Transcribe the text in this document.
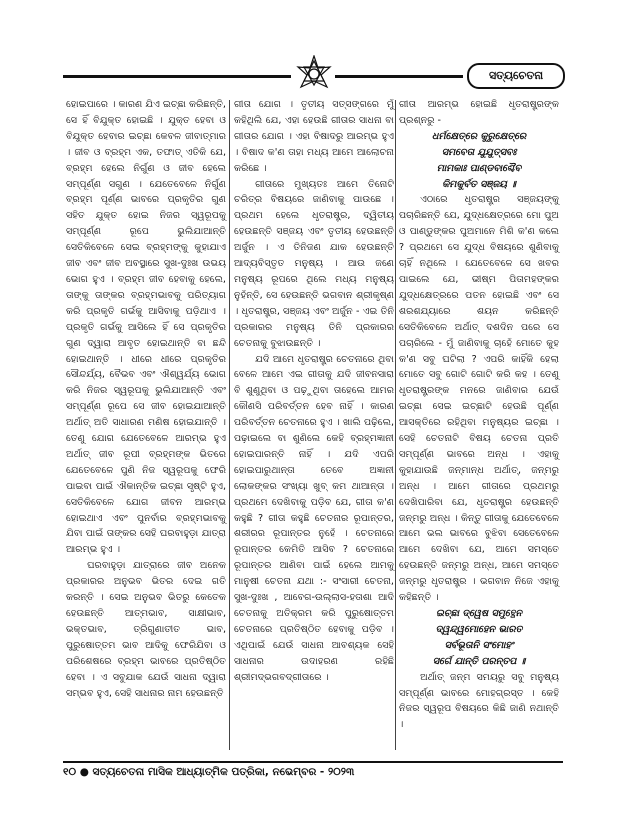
ସତ୍ୟଚେତନା

ହୋଇପାରେ । କାରଣ ଯିଏ ଇଚ୍ଛା କରିଛନ୍ତି, ସେ ହିଁ ବିଯୁକ୍ତ ହୋଇଛି । ଯୁକ୍ତ ହେବା ଓ ବିଯୁକ୍ତ ହେବାର ଇଚ୍ଛା କେବଳ ଜୀବାତ୍ମାର । ଜୀବ ଓ ବ୍ରହ୍ମ ଏକ, ତଫାତ୍ ଏତିକି ଯେ, ବ୍ରହ୍ମ ହେଲେ ନିର୍ଗୁଣ ଓ ଜୀବ ହେଲେ ସମ୍ପୂର୍ଣ୍ଣ ସଗୁଣ । ଯେତେବେଳେ ନିର୍ଗୁଣ ବ୍ରହ୍ମ ପୂର୍ଣ୍ଣ ଭାବରେ ପ୍ରକୃତିର ଗୁଣ ସହିତ ଯୁକ୍ତ ହୋଇ ନିଜର ସ୍ୱରୂପକୁ ସମ୍ପୂର୍ଣ୍ଣ ରୂପେ ଭୁଲିଯାଆନ୍ତି ସେତିକିବେଳେ ସେଇ ବ୍ରହ୍ମଙ୍କୁ କୁହାଯାଏ ଜୀବ ଏବଂ ଜୀବ ଅବସ୍ଥାରେ ସୁଖ-ଦୁଃଖ ଉଭୟ ଭୋଗ ହୁଏ । ବ୍ରହ୍ମ ଜୀବ ହେବାକୁ ହେଲେ, ତାଙ୍କୁ ତାଙ୍କର ବ୍ରହ୍ମଭାବକୁ ପରିତ୍ୟାଗ କରି ପ୍ରକୃତି ଗର୍ଭକୁ ଆସିବାକୁ ପଡ଼ିଥାଏ । ପ୍ରକୃତି ଗର୍ଭକୁ ଆସିଲେ ହିଁ ସେ ପ୍ରକୃତିର ଗୁଣ ଦ୍ୱାରା ଆବୃତ ହୋଇଥାନ୍ତି ବା ଛନ୍ଦି ହୋଇଥାନ୍ତି । ଧୀରେ ଧୀରେ ପ୍ରକୃତିର ସୌନ୍ଦର୍ଯ୍ୟ, ବୈଭବ ଏବଂ ଐଶ୍ୱର୍ଯ୍ୟ ଭୋଗ କରି ନିଜର ସ୍ୱରୂପକୁ ଭୁଲିଯାଆନ୍ତି ଏବଂ ସମ୍ପୂର୍ଣ୍ଣ ରୂପେ ସେ ଜୀବ ହୋଇଯାଆନ୍ତି ଅର୍ଥାତ୍ ଅତି ସାଧାରଣ ମଣିଷ ହୋଇଯାନ୍ତି । ତେଣୁ ଯୋଗ ଯେତେବେଳେ ଆରମ୍ଭ ହୁଏ ଅର୍ଥାତ୍ ଜୀବ ରୂପୀ ବ୍ରହ୍ମଙ୍କ ଭିତରେ ଯେତେବେଳେ ପୁଣି ନିଜ ସ୍ୱରୂପକୁ ଫେରି ପାଇବା ପାଇଁ ଐକାନ୍ତିକ ଇଚ୍ଛା ସୃଷ୍ଟି ହୁଏ, ସେତିକିବେଳେ ଯୋଗ ଜୀବନ ଆରମ୍ଭ ହୋଇଥାଏ ଏବଂ ପୁନର୍ବାର ବ୍ରହ୍ମଭାବକୁ ଯିବା ପାଇଁ ତାଙ୍କର ସେହି ଘରବାହୁଡ଼ା ଯାତ୍ରା ଆରମ୍ଭ ହୁଏ ।

ଘରବାହୁଡ଼ା ଯାତ୍ରାରେ ଜୀବ ଅନେକ ପ୍ରକାରର ଅନୁଭବ ଭିତର ଦେଇ ଗତି କରନ୍ତି । ସେଇ ଅନୁଭବ ଭିତରୁ କେତେକ ହେଉଛନ୍ତି ଆତ୍ମଭାବ, ସାକ୍ଷୀଭାବ, ଭକ୍ତଭାବ, ତ୍ରିଗୁଣାତୀତ ଭାବ, ପୁରୁଷୋତ୍ତମ ଭାବ ଆଦିକୁ ଫେରିଯିବା ଓ ପରିଶେଷରେ ବ୍ରହ୍ମ ଭାବରେ ପ୍ରତିଷ୍ଠିତ ହେବା । ଏ ସବୁଯାକ ଯେଉଁ ସାଧନା ଦ୍ୱାରା ସମ୍ଭବ ହୁଏ, ସେହି ସାଧନାର ନାମ ହେଉଛନ୍ତି

ଗୀତା ଯୋଗ । ତୃତୀୟ ସତ୍‌ସଙ୍ଗରେ ମୁଁ କହିଥିଲି ଯେ, ଏହା ହେଉଛି ଗୀତାର ସାଧନା ବା ଗୀତାର ଯୋଗ । ଏହା ବିଷାଦରୁ ଆରମ୍ଭ ହୁଏ । ବିଷାଦ କ'ଣ ତାହା ମଧ୍ୟ ଆମେ ଆଲୋଚନା କରିଛେ ।

ଗୀତାରେ ମୁଖ୍ୟତଃ ଆମେ ତିନୋଟି ଚରିତ୍ର ବିଷୟରେ ଜାଣିବାକୁ ପାଉଛେ । ପ୍ରଥମ ହେଲେ ଧୃତରାଷ୍ଟ୍ର, ଦ୍ୱିତୀୟ ହେଉଛନ୍ତି ସଞ୍ଜୟ ଏବଂ ତୃତୀୟ ହେଉଛନ୍ତି ଅର୍ଜୁନ । ଏ ତିନିଜଣ ଯାକ ହେଉଛନ୍ତି ଆଦ୍ୟବିସ୍ତୃତ ମନୁଷ୍ୟ । ଆଉ ଜଣେ ମନୁଷ୍ୟ ରୂପରେ ଥିଲେ ମଧ୍ୟ ମନୁଷ୍ୟ ନୁହଁନ୍ତି, ସେ ହେଉଛନ୍ତି ଭଗବାନ ଶ୍ରୀକୃଷ୍ଣ । ଧୃତରାଷ୍ଟ୍ର, ସଞ୍ଜୟ ଏବଂ ଅର୍ଜୁନ - ଏଇ ତିନି ପ୍ରକାରର ମନୁଷ୍ୟ ତିନି ପ୍ରକାରର ଚେତନାକୁ ବୁଝାଉଛନ୍ତି ।

ଯଦି ଆମେ ଧୃତରାଷ୍ଟ୍ର ଚେତନାରେ ଥିବା ବେଳେ ଆମେ ଏଇ ଗୀତାକୁ ଯଦି ଜୀବନସାରା ବି ଶୁଣୁଥିବା ଓ ପଢ଼ୁଥିବା ତାହେଲେ ଆମର କୌଣସି ପରିବର୍ତ୍ତନ ହେବ ନାହିଁ । କାରଣ ପରିବର୍ତ୍ତନ ଚେତନାରେ ହୁଏ । ଖାଲି ପଢ଼ିଲେ, ପଢ଼ାଇଲେ ବା ଶୁଣିଲେ କେହି ବ୍ରହ୍ମଜ୍ଞାନୀ ହୋଇପାରନ୍ତି ନାହିଁ । ଯଦି ଏପରି ହୋଇପାରୁଥାନ୍ତା ତେବେ ଅଜ୍ଞାନୀ ଲୋକଙ୍କର ସଂଖ୍ୟା ଖୁବ୍ କମ ଥାଆନ୍ତା । ପ୍ରଥମେ ଦେଖିବାକୁ ପଡ଼ିବ ଯେ, ଗୀତା କ'ଣ କହୁଛି ? ଗୀତା କହୁଛି ଚେତନାର ରୂପାନ୍ତର, ଶରୀରର ରୂପାନ୍ତର ନୁହେଁ । ଚେତନାରେ ରୂପାନ୍ତର କେମିତି ଆସିବ ? ଚେତନାରେ ରୂପାନ୍ତର ଆଣିବା ପାଇଁ ହେଲେ ଆମକୁ ମାନୁଷୀ ଚେତନା ଯଥା :- ସଂସାରୀ ଚେତନା, ସୁଖ-ଦୁଃଖ , ଆବେଗ-ଉଲ୍ଲାସ-ହତାଶା ଆଦି ଚେତନାକୁ ଅତିକ୍ରମ କରି ପୁରୁଷୋତ୍ତମ ଚେତନାରେ ପ୍ରତିଷ୍ଠିତ ହେବାକୁ ପଡ଼ିବ । ଏଥିପାଇଁ ଯେଉଁ ସାଧନା ଆବଶ୍ୟକ ସେହି ସାଧନାର ଉଦାହରଣ ରହିଛି ଶ୍ରୀମଦ୍‌ଭଗବଦ୍‌ଗୀତାରେ ।

ଗୀତା ଆରମ୍ଭ ହୋଇଛି ଧୃତରାଷ୍ଟ୍ରଙ୍କ ପ୍ରଶ୍ନରୁ -

ଧର୍ମକ୍ଷେତ୍ରେ କୁରୁକ୍ଷେତ୍ରେ

ସମବେତା ଯୁଯୁତ୍ସବଃ

ମାମକାଃ ପାଣ୍ଡବାଶ୍ଚୈବ

କିମକୁର୍ବତ ସଞ୍ଜୟ ॥

ଏଠାରେ ଧୃତରାଷ୍ଟ୍ର ସଞ୍ଜୟଙ୍କୁ ପଚାରିଛନ୍ତି ଯେ, ଯୁଦ୍ଧକ୍ଷେତ୍ରରେ ମୋ ପୁଅ ଓ ପାଣ୍ଡୁଙ୍କର ପୁଅମାନେ ମିଶି କ'ଣ କଲେ ? ପ୍ରଥମେ ସେ ଯୁଦ୍ଧ ବିଷୟରେ ଶୁଣିବାକୁ ଚାହିଁ ନଥିଲେ । ଯେତେବେଳେ ସେ ଖବର ପାଇଲେ ଯେ, ଭୀଷ୍ମ ପିତାମହଙ୍କର ଯୁଦ୍ଧକ୍ଷେତ୍ରରେ ପତନ ହୋଇଛି ଏବଂ ସେ ଶରଶଯ୍ୟାରେ ଶୟନ କରିଛନ୍ତି ସେତିକିବେଳେ ଅର୍ଥାତ୍ ଦଶଦିନ ପରେ ସେ ପଚାରିଲେ - ମୁଁ ଜାଣିବାକୁ ଚାହେଁ ମୋତେ କୁହ କ'ଣ ସବୁ ଘଟିଲା ? ଏପରି କାହିଁକି ହେଲା ମୋତେ ସବୁ ଗୋଟି ଗୋଟି କରି କହ । ତେଣୁ ଧୃତରାଷ୍ଟ୍ରଙ୍କ ମନରେ ଜାଣିବାର ଯେଉଁ ଇଚ୍ଛା ସେଇ ଇଚ୍ଛାଟି ହେଉଛି ପୂର୍ଣ୍ଣ ଆସକ୍ତିରେ ରହିଥିବା ମନୁଷ୍ୟର ଇଚ୍ଛା । ସେହି ଚେତନାଟି ବିଷୟ ଚେତନା ପ୍ରତି ସମ୍ପୂର୍ଣ୍ଣ ଭାବରେ ଅନ୍ଧ । ଏହାକୁ କୁହାଯାଉଛି ଜନ୍ମାନ୍ଧ ଅର୍ଥାତ୍, ଜନ୍ମରୁ ଅନ୍ଧ । ଆମେ ଗୀତାରେ ପ୍ରଥମରୁ ଦେଖିପାରିବା ଯେ, ଧୃତରାଷ୍ଟ୍ର ହେଉଛନ୍ତି ଜନ୍ମରୁ ଅନ୍ଧ । କିନ୍ତୁ ଗୀତାକୁ ଯେତେବେଳେ ଆମେ ଭଲ ଭାବରେ ବୁଝିବା ସେତେବେଳେ ଆମେ ଦେଖିବା ଯେ, ଆମେ ସମସ୍ତେ ହେଉଛନ୍ତି ଜନ୍ମରୁ ଅନ୍ଧ, ଆମେ ସମସ୍ତେ ଜନ୍ମରୁ ଧୃତରାଷ୍ଟ୍ର । ଭଗବାନ ନିଜେ ଏହାକୁ କହିଛନ୍ତି ।

ଇଚ୍ଛା ଦ୍ୱେଷ ସମୁତ୍ଥେନ

ଦ୍ୱନ୍ଦ୍ୱମୋହେନ ଭାରତ

ସର୍ବଭୂତାନି ସଂମୋହଂ

ସର୍ଗେ ଯାନ୍ତି ପରନ୍ତପ ॥

ଅର୍ଥାତ୍ ଜନ୍ମ ସମୟରୁ ସବୁ ମନୁଷ୍ୟ ସମ୍ପୂର୍ଣ୍ଣ ଭାବରେ ମୋହଗ୍ରସ୍ତ । କେହି ନିଜର ସ୍ୱରୂପ ବିଷୟରେ କିଛି ଜାଣି ନଥାନ୍ତି ।

୧୦ ● ସତ୍ୟଚେତନା ମାସିକ ଆଧ୍ୟାତ୍ମିକ ପତ୍ରିକା, ନଭେମ୍ବର - ୨୦୨୩
